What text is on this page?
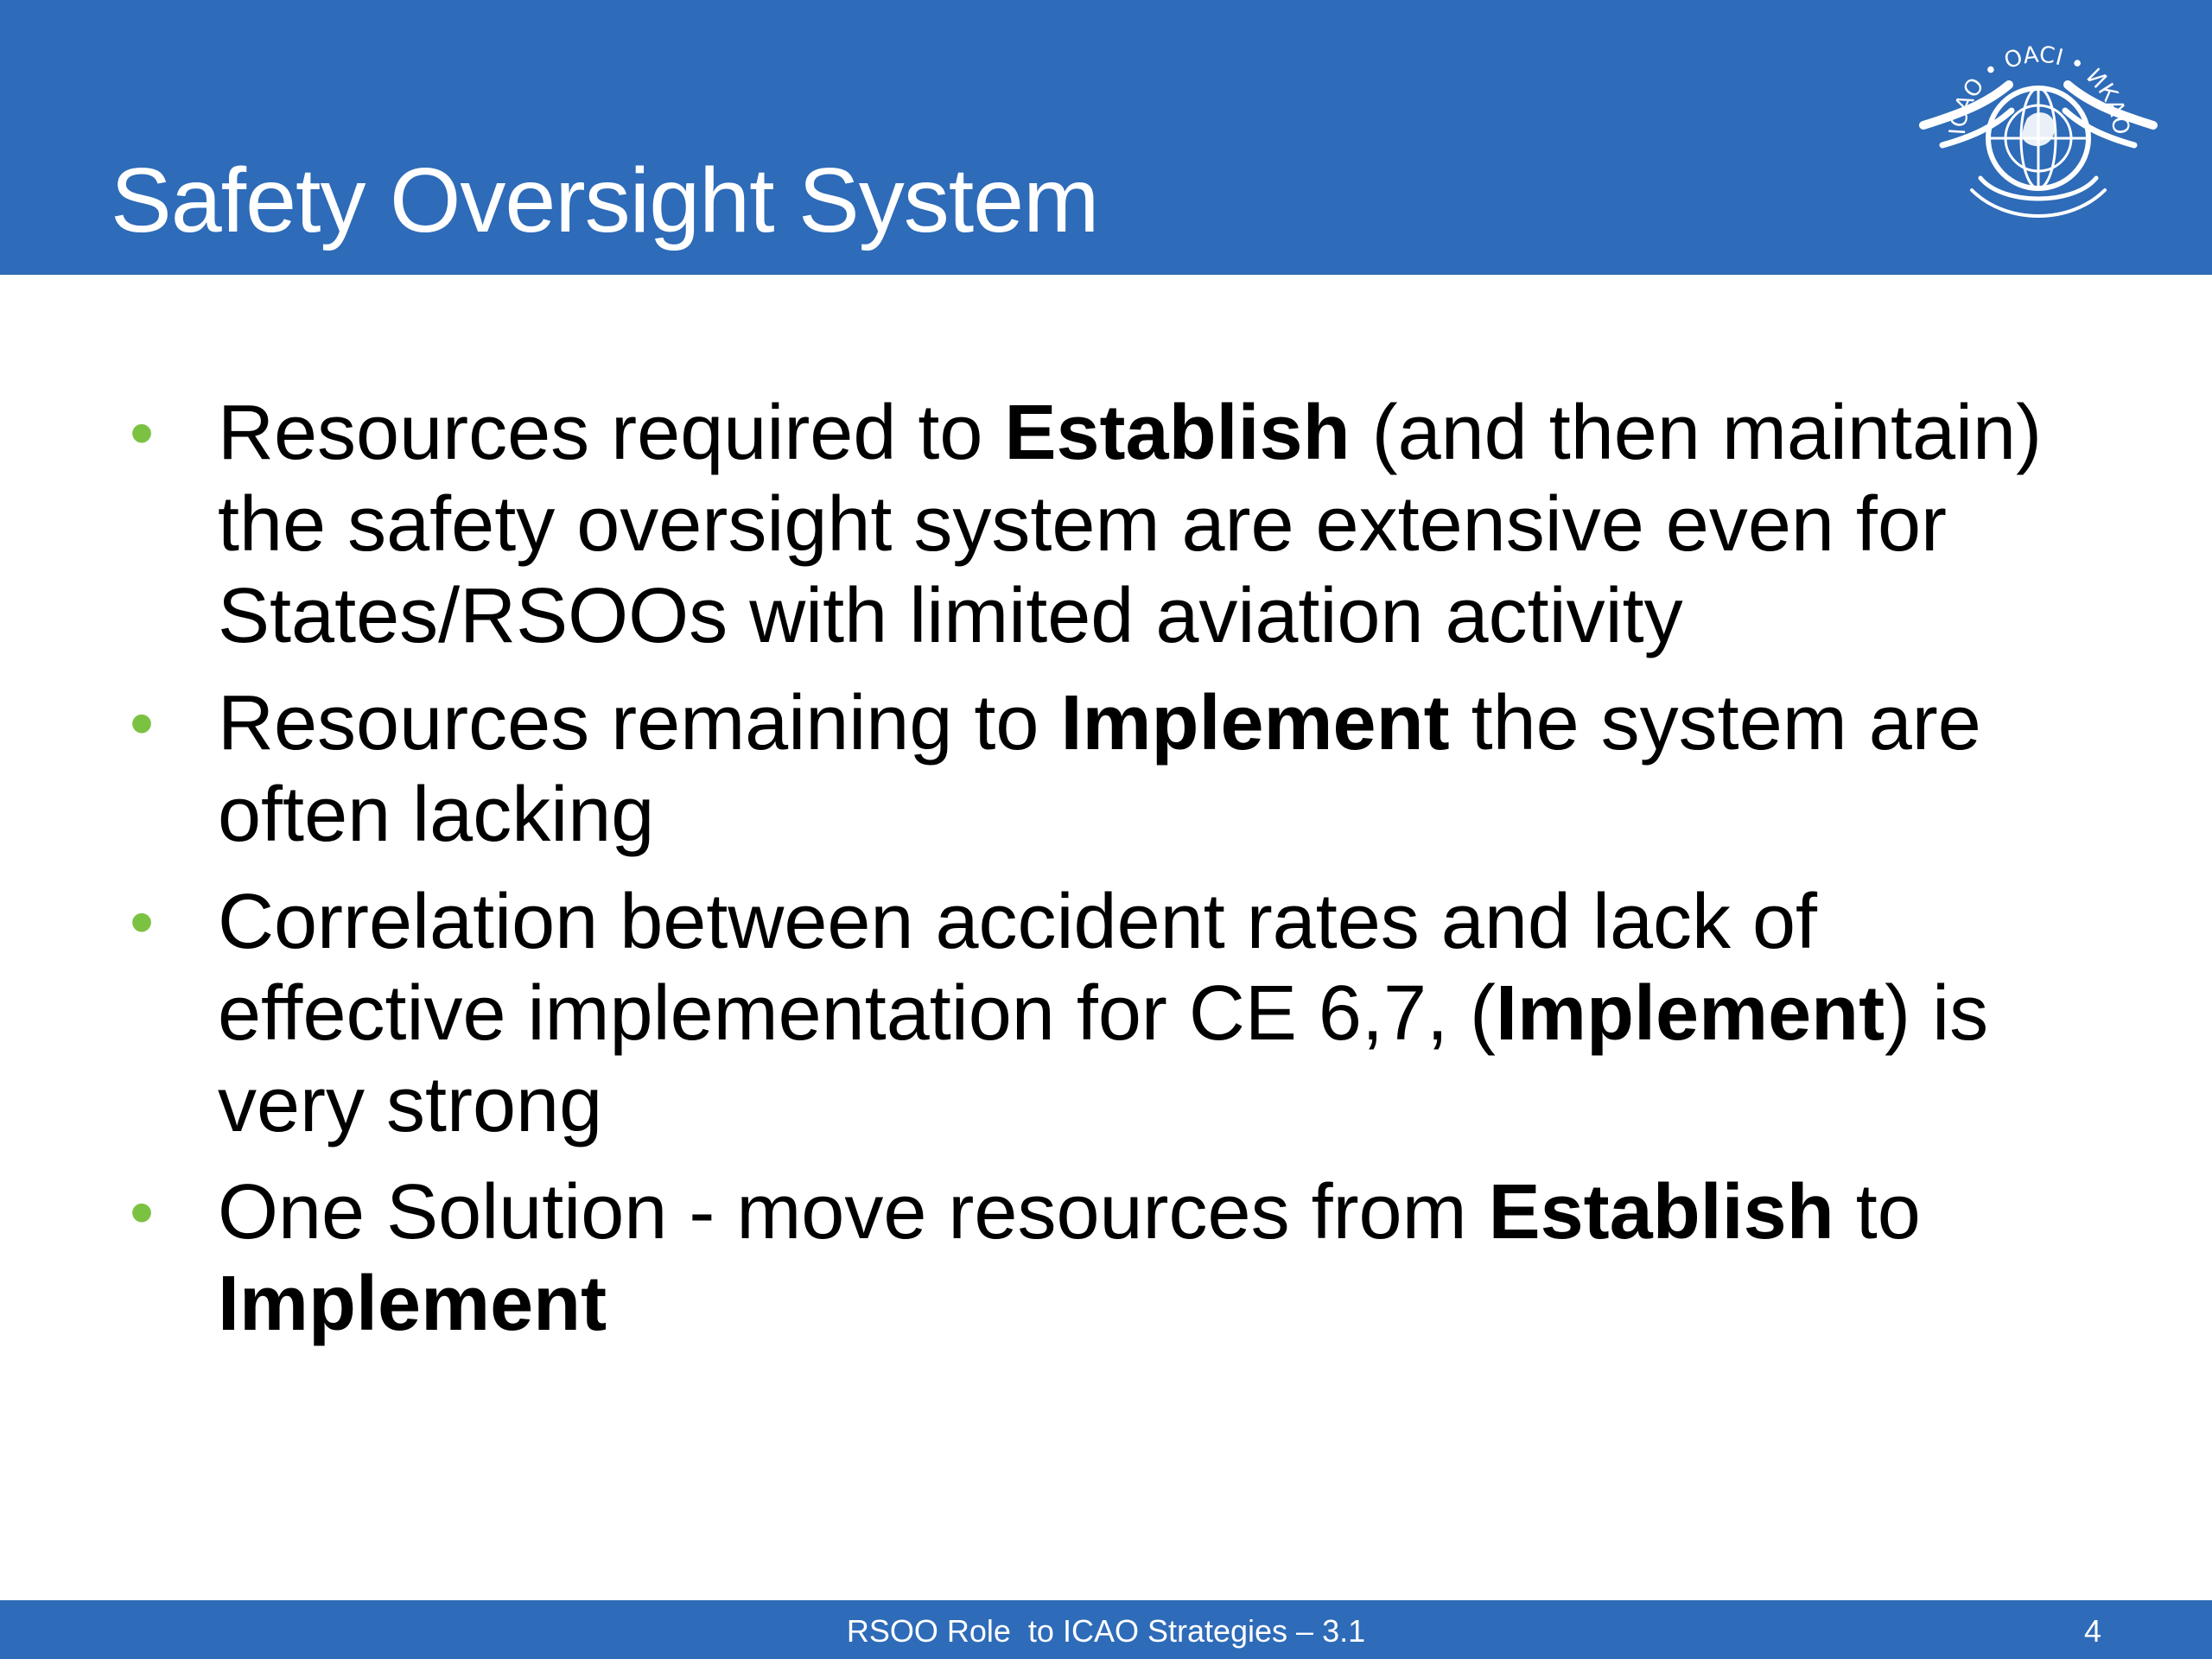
Safety Oversight System
ICAO • OACI • ИКАО
• Resources required to Establish (and then maintain) the safety oversight system are extensive even for States/RSOOs with limited aviation activity
• Resources remaining to Implement the system are often lacking
• Correlation between accident rates and lack of effective implementation for CE 6,7, (Implement) is very strong
• One Solution - move resources from Establish to Implement
RSOO Role  to ICAO Strategies – 3.1	4
